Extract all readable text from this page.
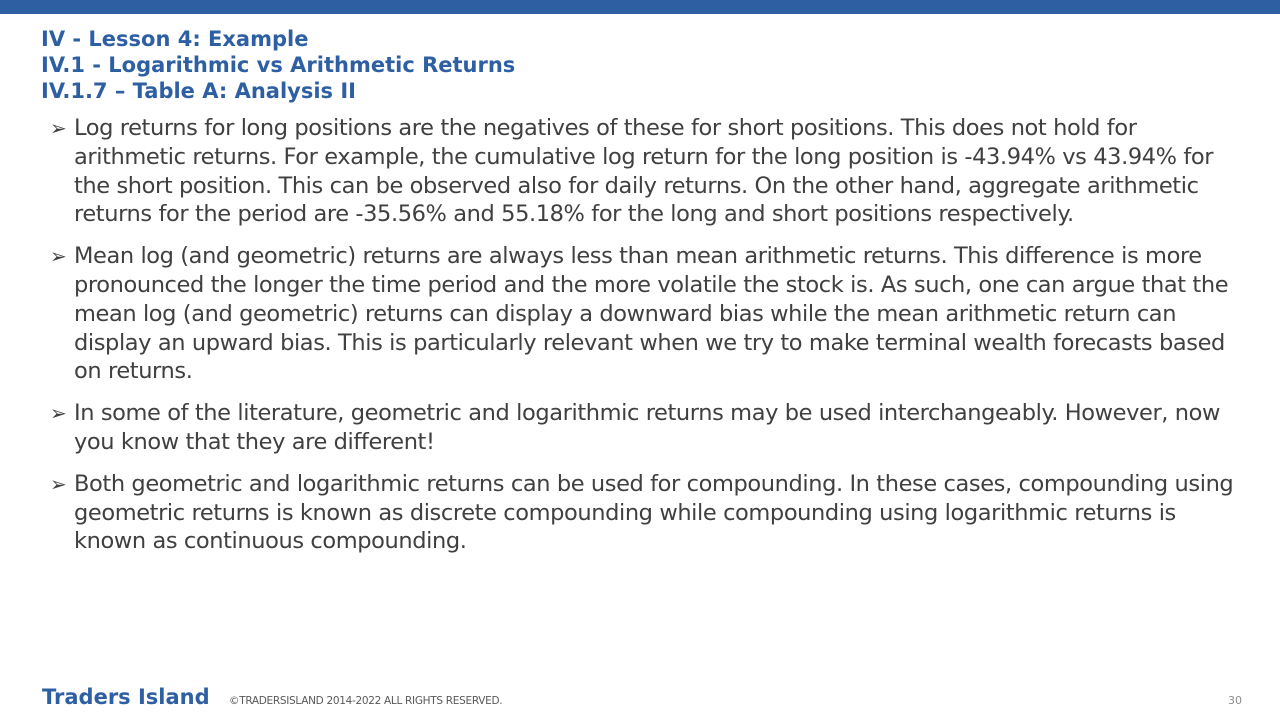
IV - Lesson 4: Example
IV.1 - Logarithmic vs Arithmetic Returns
IV.1.7 – Table A: Analysis II
➢ Log returns for long positions are the negatives of these for short positions. This does not hold for arithmetic returns. For example, the cumulative log return for the long position is -43.94% vs 43.94% for the short position. This can be observed also for daily returns. On the other hand, aggregate arithmetic returns for the period are -35.56% and 55.18% for the long and short positions respectively.
➢ Mean log (and geometric) returns are always less than mean arithmetic returns. This difference is more pronounced the longer the time period and the more volatile the stock is. As such, one can argue that the mean log (and geometric) returns can display a downward bias while the mean arithmetic return can display an upward bias. This is particularly relevant when we try to make terminal wealth forecasts based on returns.
➢ In some of the literature, geometric and logarithmic returns may be used interchangeably. However, now you know that they are different!
➢ Both geometric and logarithmic returns can be used for compounding. In these cases, compounding using geometric returns is known as discrete compounding while compounding using logarithmic returns is known as continuous compounding.
Traders Island ©TRADERSISLAND 2014-2022 ALL RIGHTS RESERVED.	30
